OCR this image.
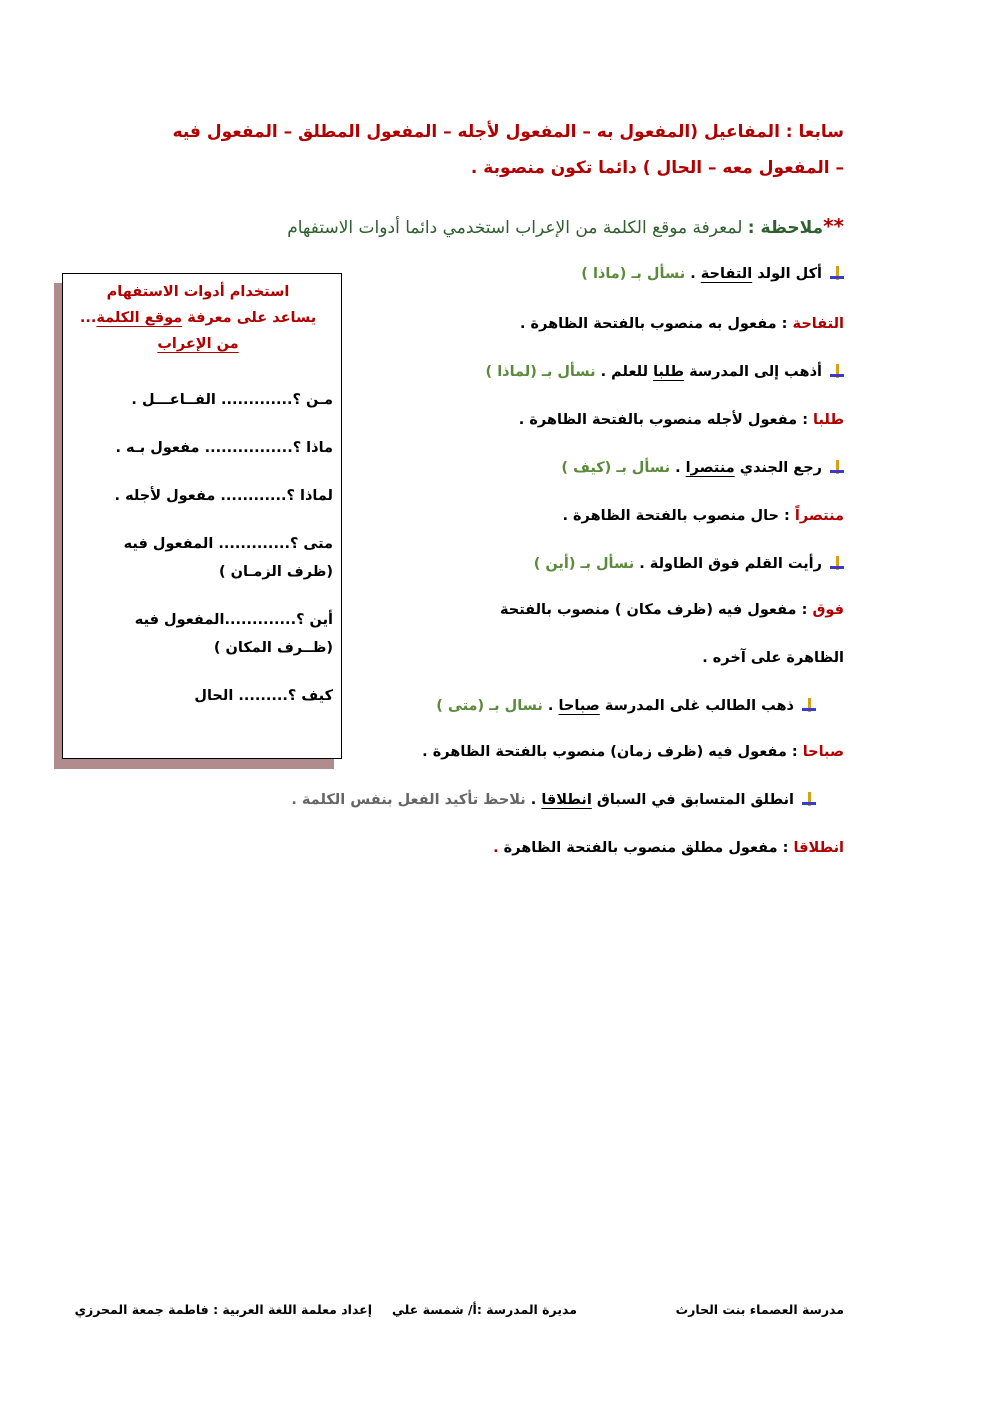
سابعا : المفاعيل (المفعول به – المفعول لأجله – المفعول المطلق – المفعول فيه
– المفعول معه – الحال ) دائما تكون منصوبة .
**ملاحظة : لمعرفة موقع الكلمة من الإعراب استخدمي دائما أدوات الاستفهام
أكل الولد التفاحة . نسأل بـ (ماذا )
التفاحة : مفعول به منصوب بالفتحة الظاهرة .
أذهب إلى المدرسة طلبا للعلم . نسأل بـ (لماذا )
طلبا : مفعول لأجله منصوب بالفتحة الظاهرة .
رجع الجندي منتصرا . نسأل بـ (كيف )
منتصراً : حال منصوب بالفتحة الظاهرة .
رأيت القلم فوق الطاولة . نسأل بـ (أين )
فوق : مفعول فيه (ظرف مكان ) منصوب بالفتحة
الظاهرة على آخره .
ذهب الطالب غلى المدرسة صباحا . نسال بـ (متى )
صباحا : مفعول فيه (ظرف زمان) منصوب بالفتحة الظاهرة .
انطلق المتسابق في السباق انطلاقا . نلاحظ تأكيد الفعل بنفس الكلمة .
انطلاقا : مفعول مطلق منصوب بالفتحة الظاهرة .
استخدام أدوات الاستفهام
يساعد على معرفة موقع الكلمة...
من الإعراب
مـن ؟............. الفــاعـــل .
ماذا ؟................ مفعول بـه .
لماذا ؟............ مفعول لأجله .
متى ؟............. المفعول فيه
(ظرف الزمـان )
أين ؟.............المفعول فيه
(ظــرف المكان )
كيف ؟......... الحال
مدرسة العصماء بنت الحارث
مديرة المدرسة :أ/ شمسة علي
إعداد معلمة اللغة العربية : فاطمة جمعة المحرزي
